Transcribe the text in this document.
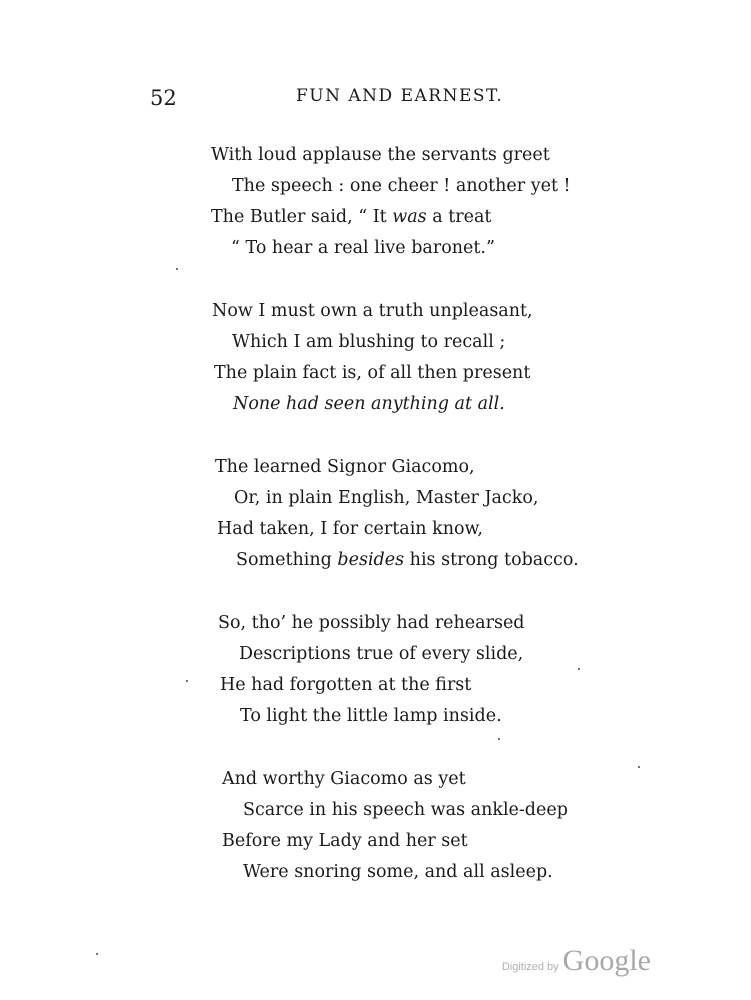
52	FUN AND EARNEST.
With loud applause the servants greet
The speech : one cheer ! another yet !
The Butler said, “ It was a treat
“ To hear a real live baronet.”
Now I must own a truth unpleasant,
Which I am blushing to recall ;
The plain fact is, of all then present
None had seen anything at all.
The learned Signor Giacomo,
Or, in plain English, Master Jacko,
Had taken, I for certain know,
Something besides his strong tobacco.
So, tho’ he possibly had rehearsed
Descriptions true of every slide,
He had forgotten at the first
To light the little lamp inside.
And worthy Giacomo as yet
Scarce in his speech was ankle-deep
Before my Lady and her set
Were snoring some, and all asleep.
Digitized by Google
